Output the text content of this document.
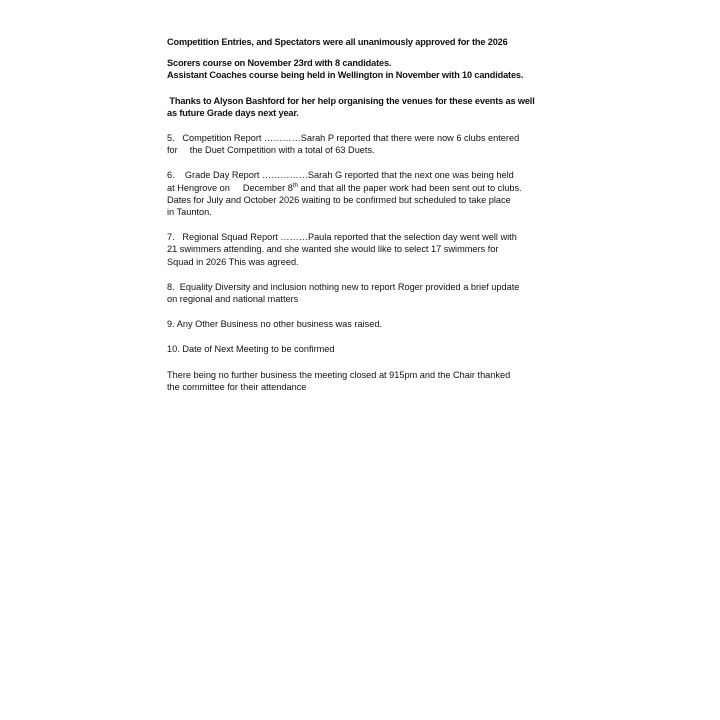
Competition Entries, and Spectators were all unanimously approved for the 2026

Scorers course on November 23rd with 8 candidates.
Assistant Coaches course being held in Wellington in November with 10 candidates.

Thanks to Alyson Bashford for her help organising the venues for these events as well
as future Grade days next year.

5.   Competition Report …………Sarah P reported that there were now 6 clubs entered
for the Duet Competition with a total of 63 Duets.

6.    Grade Day Report ……………Sarah G reported that the next one was being held
at Hengrove on December 8th and that all the paper work had been sent out to clubs.
Dates for July and October 2026 waiting to be confirmed but scheduled to take place
in Taunton.

7.   Regional Squad Report ………Paula reported that the selection day went well with
21 swimmers attending. and she wanted she would like to select 17 swimmers for
Squad in 2026 This was agreed.

8.  Equality Diversity and inclusion nothing new to report Roger provided a brief update
on regional and national matters

9. Any Other Business no other business was raised.

10. Date of Next Meeting to be confirmed

There being no further business the meeting closed at 915pm and the Chair thanked
the committee for their attendance
